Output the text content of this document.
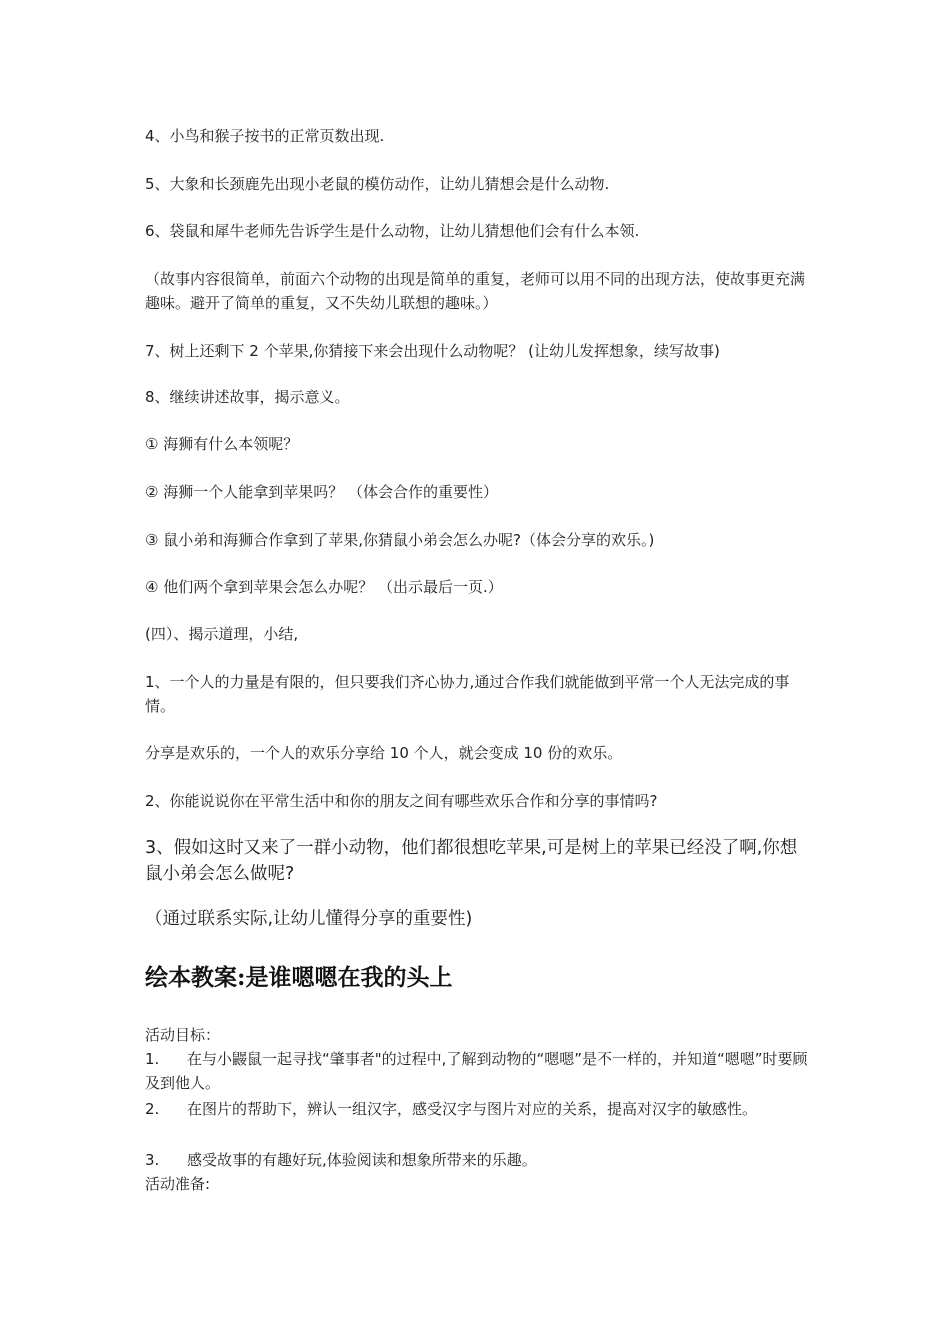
4、小鸟和猴子按书的正常页数出现.

5、大象和长颈鹿先出现小老鼠的模仿动作，让幼儿猜想会是什么动物.

6、袋鼠和犀牛老师先告诉学生是什么动物，让幼儿猜想他们会有什么本领.

（故事内容很简单，前面六个动物的出现是简单的重复，老师可以用不同的出现方法，使故事更充满趣味。避开了简单的重复，又不失幼儿联想的趣味。）

7、树上还剩下 2 个苹果,你猜接下来会出现什么动物呢？ (让幼儿发挥想象，续写故事)

8、继续讲述故事，揭示意义。

① 海狮有什么本领呢？

② 海狮一个人能拿到苹果吗？ （体会合作的重要性）

③ 鼠小弟和海狮合作拿到了苹果,你猜鼠小弟会怎么办呢?（体会分享的欢乐。)

④ 他们两个拿到苹果会怎么办呢？ （出示最后一页.）

(四）、揭示道理，小结,

1、一个人的力量是有限的，但只要我们齐心协力,通过合作我们就能做到平常一个人无法完成的事情。

分享是欢乐的，一个人的欢乐分享给 10 个人，就会变成 10 份的欢乐。

2、你能说说你在平常生活中和你的朋友之间有哪些欢乐合作和分享的事情吗?

3、假如这时又来了一群小动物，他们都很想吃苹果,可是树上的苹果已经没了啊,你想鼠小弟会怎么做呢?

（通过联系实际,让幼儿懂得分享的重要性)

绘本教案:是谁嗯嗯在我的头上

活动目标：

1. 在与小鼹鼠一起寻找“肇事者"的过程中,了解到动物的“嗯嗯”是不一样的，并知道“嗯嗯”时要顾及到他人。
2. 在图片的帮助下，辨认一组汉字，感受汉字与图片对应的关系，提高对汉字的敏感性。
3. 感受故事的有趣好玩,体验阅读和想象所带来的乐趣。

活动准备:
